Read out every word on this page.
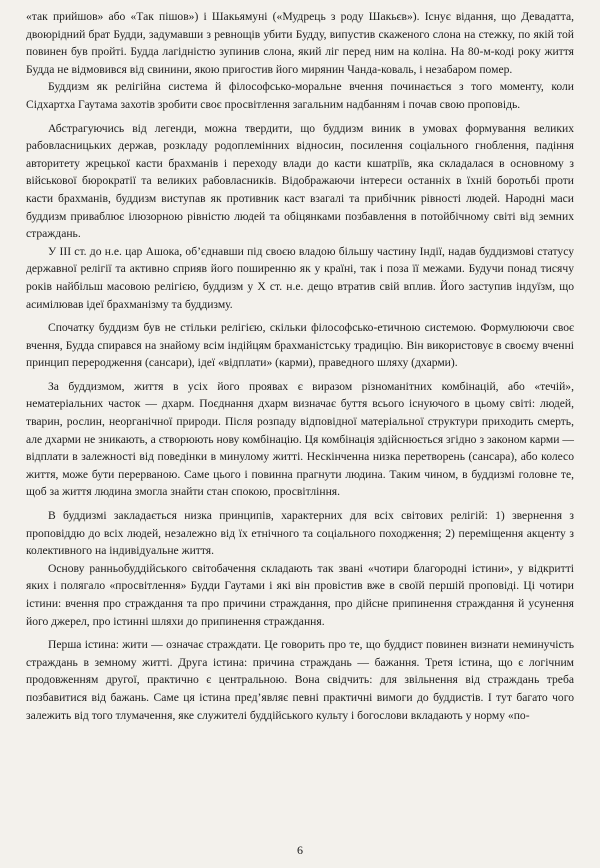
«так прийшов» або «Так пішов») і Шакьямуні («Мудрець з роду Шакьєв»). Існує відання, що Девадатта, двоюрідний брат Будди, задумавши з ревнощів убити Будду, випустив скаженого слона на стежку, по якій той повинен був пройті. Будда лагідністю зупинив слона, який ліг перед ним на коліна. На 80-м-коді року життя Будда не відмовився від свинини, якою пригостив його мирянин Чанда-коваль, і незабаром помер.

Буддизм як релігійна система й філософсько-моральне вчення починається з того моменту, коли Сідхартха Гаутама захотів зробити своє просвітлення загальним надбанням і почав свою проповідь.

Абстрагуючись від легенди, можна твердити, що буддизм виник в умовах формування великих рабовласницьких держав, розкладу родоплемінних відносин, посилення соціального гноблення, падіння авторитету жрецької касти брахманів і переходу влади до касти кшатріїв, яка складалася в основному з військової бюрократії та великих рабовласників. Відображаючи інтереси останніх в їхній боротьбі проти касти брахманів, буддизм виступав як противник каст взагалі та прибічник рівності людей. Народні маси буддизм приваблює ілюзорною рівністю людей та обіцянками позбавлення в потойбічному світі від земних страждань.

У ІІІ ст. до н.е. цар Ашока, об’єднавши під своєю владою більшу частину Індії, надав буддизмові статусу державної релігії та активно сприяв його поширенню як у країні, так і поза її межами. Будучи понад тисячу років найбільш масовою релігією, буддизм у X ст. н.е. дещо втратив свій вплив. Його заступив індуїзм, що асимілював ідеї брахманізму та буддизму.

Спочатку буддизм був не стільки релігією, скільки філософсько-етичною системою. Формулюючи своє вчення, Будда спирався на знайому всім індійцям брахманістську традицію. Він використовує в своєму вченні принцип переродження (сансари), ідеї «відплати» (карми), праведного шляху (дхарми).

За буддизмом, життя в усіх його проявах є виразом різноманітних комбінацій, або «течій», нематеріальних часток — дхарм. Поєднання дхарм визначає буття всього існуючого в цьому світі: людей, тварин, рослин, неорганічної природи. Після розпаду відповідної матеріальної структури приходить смерть, але дхарми не зникають, а створюють нову комбінацію. Ця комбінація здійснюється згідно з законом карми — відплати в залежності від поведінки в минулому житті. Нескінченна низка перетворень (сансара), або колесо життя, може бути перерваною. Саме цього і повинна прагнути людина. Таким чином, в буддизмі головне те, щоб за життя людина змогла знайти стан спокою, просвітління.

В буддизмі закладається низка принципів, характерних для всіх світових релігій: 1) звернення з проповіддю до всіх людей, незалежно від їх етнічного та соціального походження; 2) переміщення акценту з колективного на індивідуальне життя.

Основу ранньобуддійського світобачення складають так звані «чотири благородні істини», у відкритті яких і полягало «просвітлення» Будди Гаутами і які він провістив вже в своїй першій проповіді. Ці чотири істини: вчення про страждання та про причини страждання, про дійсне припинення страждання й усунення його джерел, про істинні шляхи до припинення страждання.

Перша істина: жити — означає страждати. Це говорить про те, що буддист повинен визнати неминучість страждань в земному житті. Друга істина: причина страждань — бажання. Третя істина, що є логічним продовженням другої, практично є центральною. Вона свідчить: для звільнення від страждань треба позбавитися від бажань. Саме ця істина пред’являє певні практичні вимоги до буддистів. І тут багато чого залежить від того тлумачення, яке служителі буддійського культу і богослови вкладають у норму «по-

6
